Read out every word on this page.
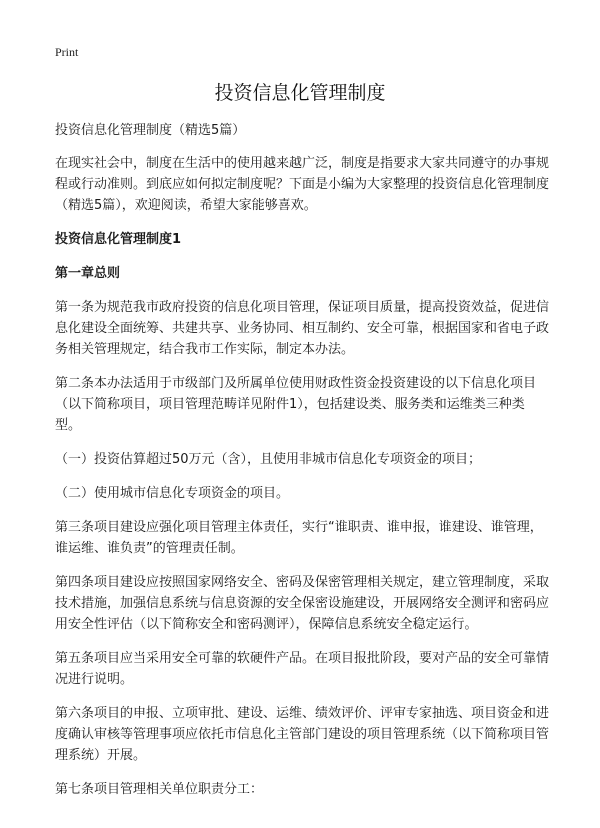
Print
投资信息化管理制度

投资信息化管理制度（精选5篇）

在现实社会中，制度在生活中的使用越来越广泛，制度是指要求大家共同遵守的办事规程或行动准则。到底应如何拟定制度呢？下面是小编为大家整理的投资信息化管理制度（精选5篇），欢迎阅读，希望大家能够喜欢。

投资信息化管理制度1

第一章总则

第一条为规范我市政府投资的信息化项目管理，保证项目质量，提高投资效益，促进信息化建设全面统筹、共建共享、业务协同、相互制约、安全可靠，根据国家和省电子政务相关管理规定，结合我市工作实际，制定本办法。

第二条本办法适用于市级部门及所属单位使用财政性资金投资建设的以下信息化项目（以下简称项目，项目管理范畴详见附件1），包括建设类、服务类和运维类三种类型。

（一）投资估算超过50万元（含），且使用非城市信息化专项资金的项目；

（二）使用城市信息化专项资金的项目。

第三条项目建设应强化项目管理主体责任，实行“谁职责、谁申报，谁建设、谁管理，谁运维、谁负责”的管理责任制。

第四条项目建设应按照国家网络安全、密码及保密管理相关规定，建立管理制度，采取技术措施，加强信息系统与信息资源的安全保密设施建设，开展网络安全测评和密码应用安全性评估（以下简称安全和密码测评），保障信息系统安全稳定运行。

第五条项目应当采用安全可靠的软硬件产品。在项目报批阶段，要对产品的安全可靠情况进行说明。

第六条项目的申报、立项审批、建设、运维、绩效评价、评审专家抽选、项目资金和进度确认审核等管理事项应依托市信息化主管部门建设的项目管理系统（以下简称项目管理系统）开展。

第七条项目管理相关单位职责分工：
